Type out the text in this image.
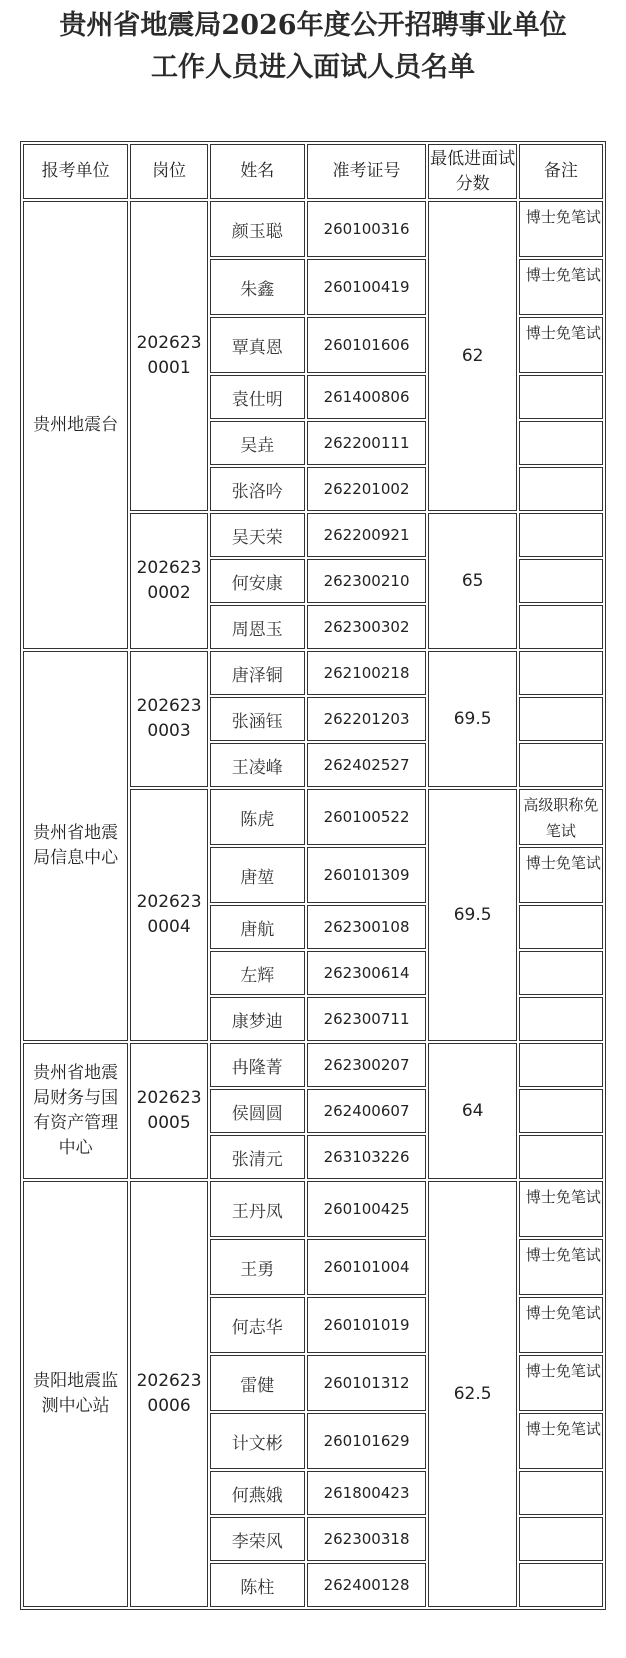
贵州省地震局2026年度公开招聘事业单位
工作人员进入面试人员名单
报考单位	岗位	姓名	准考证号	最低进面试分数	备注
贵州地震台	2026230001	颜玉聪	260100316	62	博士免笔试
		朱鑫	260100419		博士免笔试
		覃真恩	260101606		博士免笔试
		袁仕明	261400806		
		吴垚	262200111		
		张洛吟	262201002		
	2026230002	吴天荣	262200921	65	
		何安康	262300210		
		周恩玉	262300302		
贵州省地震局信息中心	2026230003	唐泽铜	262100218	69.5	
		张涵钰	262201203		
		王凌峰	262402527		
	2026230004	陈虎	260100522	69.5	高级职称免笔试
		唐堃	260101309		博士免笔试
		唐航	262300108		
		左辉	262300614		
		康梦迪	262300711		
贵州省地震局财务与国有资产管理中心	2026230005	冉隆菁	262300207	64	
		侯圆圆	262400607		
		张清元	263103226		
贵阳地震监测中心站	2026230006	王丹凤	260100425	62.5	博士免笔试
		王勇	260101004		博士免笔试
		何志华	260101019		博士免笔试
		雷健	260101312		博士免笔试
		计文彬	260101629		博士免笔试
		何燕娥	261800423		
		李荣风	262300318		
		陈柱	262400128		
